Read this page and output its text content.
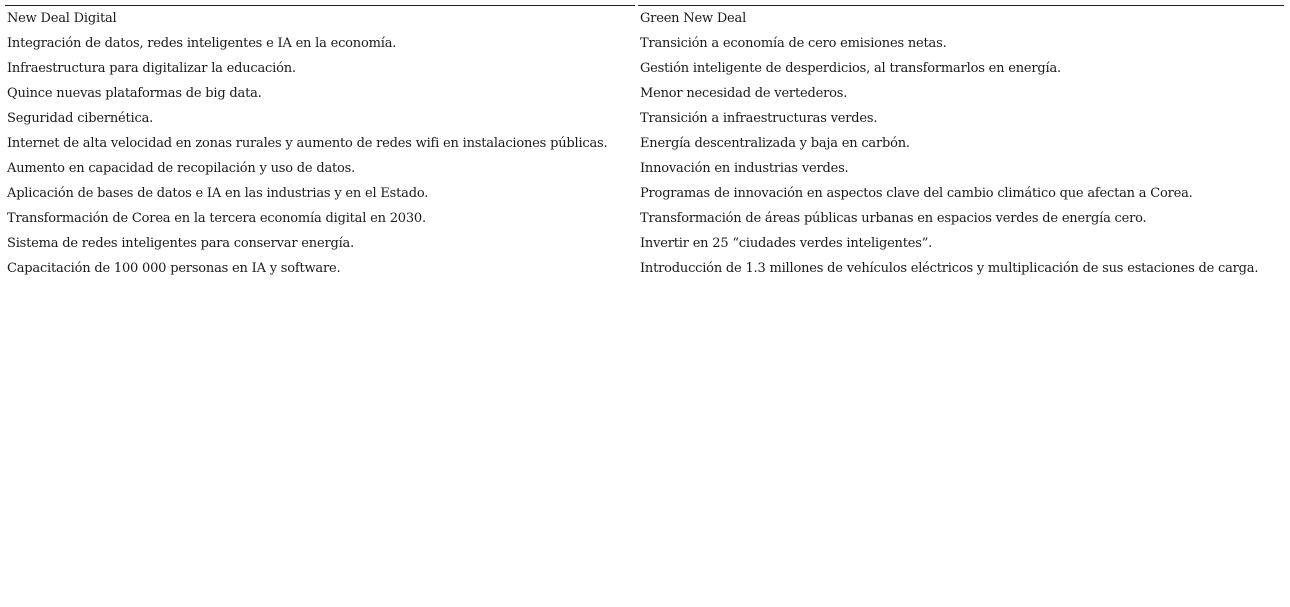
New Deal Digital	Green New Deal
Integración de datos, redes inteligentes e IA en la economía.	Transición a economía de cero emisiones netas.
Infraestructura para digitalizar la educación.	Gestión inteligente de desperdicios, al transformarlos en energía.
Quince nuevas plataformas de big data.	Menor necesidad de vertederos.
Seguridad cibernética.	Transición a infraestructuras verdes.
Internet de alta velocidad en zonas rurales y aumento de redes wifi en instalaciones públicas.	Energía descentralizada y baja en carbón.
Aumento en capacidad de recopilación y uso de datos.	Innovación en industrias verdes.
Aplicación de bases de datos e IA en las industrias y en el Estado.	Programas de innovación en aspectos clave del cambio climático que afectan a Corea.
Transformación de Corea en la tercera economía digital en 2030.	Transformación de áreas públicas urbanas en espacios verdes de energía cero.
Sistema de redes inteligentes para conservar energía.	Invertir en 25 “ciudades verdes inteligentes”.
Capacitación de 100 000 personas en IA y software.	Introducción de 1.3 millones de vehículos eléctricos y multiplicación de sus estaciones de carga.
